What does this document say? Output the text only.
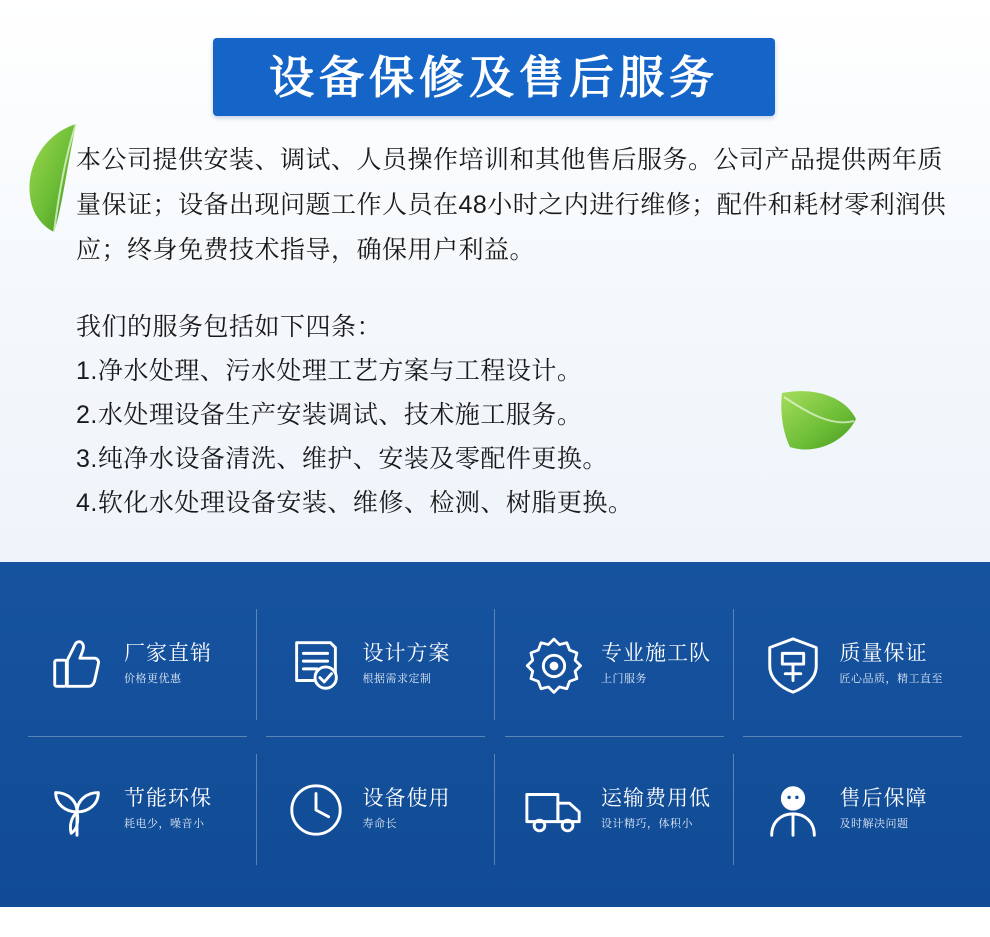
设备保修及售后服务
本公司提供安装、调试、人员操作培训和其他售后服务。公司产品提供两年质量保证；设备出现问题工作人员在48小时之内进行维修；配件和耗材零利润供应；终身免费技术指导，确保用户利益。
我们的服务包括如下四条：
1.净水处理、污水处理工艺方案与工程设计。
2.水处理设备生产安装调试、技术施工服务。
3.纯净水设备清洗、维护、安装及零配件更换。
4.软化水处理设备安装、维修、检测、树脂更换。
厂家直销
价格更优惠
设计方案
根据需求定制
专业施工队
上门服务
质量保证
匠心品质，精工直至
节能环保
耗电少，噪音小
设备使用
寿命长
运输费用低
设计精巧，体积小
售后保障
及时解决问题
